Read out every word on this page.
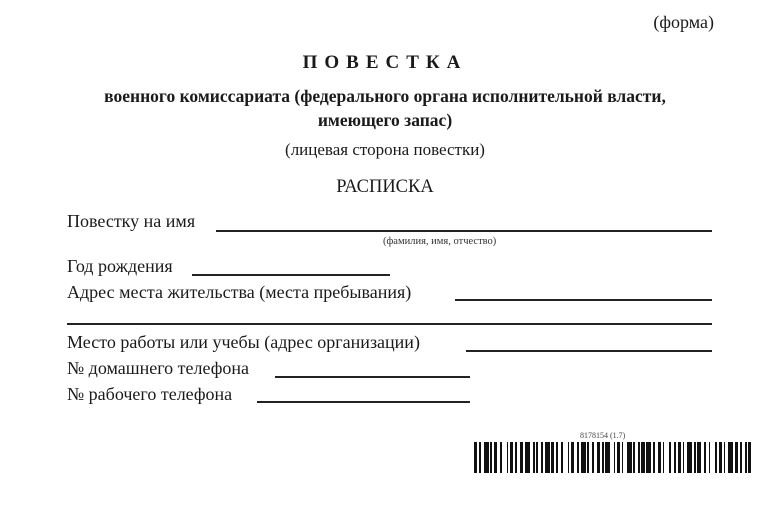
(форма)
ПОВЕСТКА
военного комиссариата (федерального органа исполнительной власти,
имеющего запас)
(лицевая сторона повестки)
РАСПИСКА
Повестку на имя
(фамилия, имя, отчество)
Год рождения
Адрес места жительства (места пребывания)
Место работы или учебы (адрес организации)
№ домашнего телефона
№ рабочего телефона
8178154 (1.7)
